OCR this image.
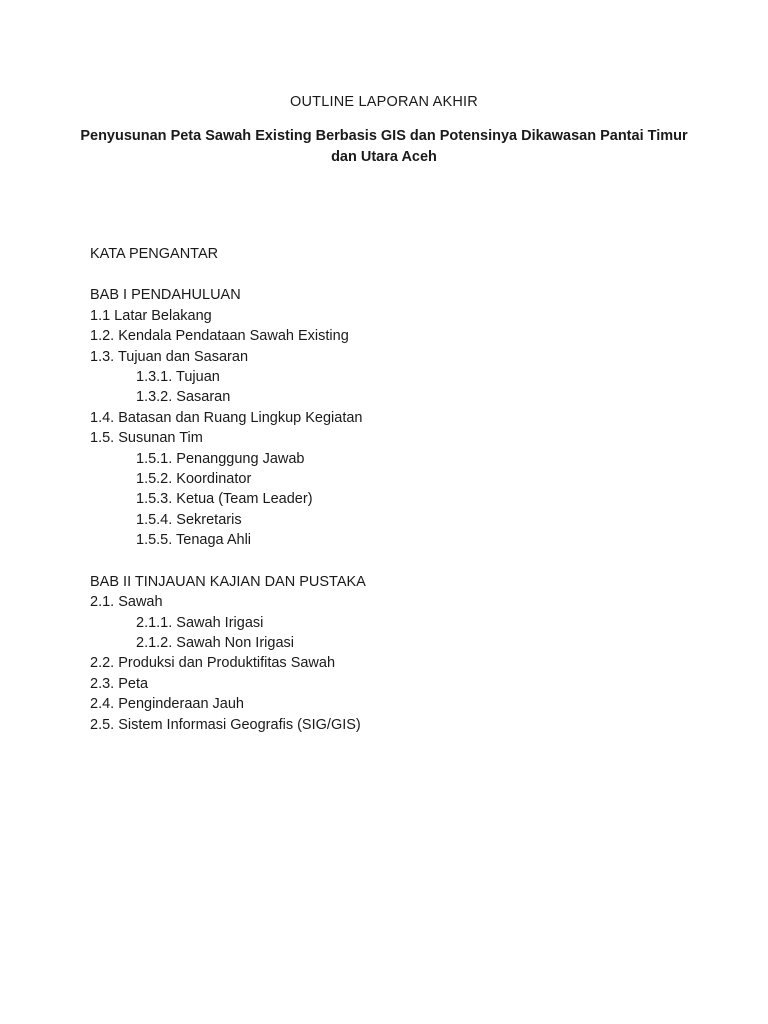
OUTLINE LAPORAN AKHIR
Penyusunan Peta Sawah Existing Berbasis GIS dan Potensinya Dikawasan Pantai Timur dan Utara Aceh
KATA PENGANTAR
BAB I PENDAHULUAN
1.1 Latar Belakang
1.2. Kendala Pendataan Sawah Existing
1.3. Tujuan dan Sasaran
1.3.1. Tujuan
1.3.2. Sasaran
1.4. Batasan dan Ruang Lingkup Kegiatan
1.5. Susunan Tim
1.5.1. Penanggung Jawab
1.5.2. Koordinator
1.5.3. Ketua (Team Leader)
1.5.4. Sekretaris
1.5.5. Tenaga Ahli
BAB II TINJAUAN KAJIAN DAN PUSTAKA
2.1. Sawah
2.1.1. Sawah Irigasi
2.1.2. Sawah Non Irigasi
2.2. Produksi dan Produktifitas Sawah
2.3. Peta
2.4. Penginderaan Jauh
2.5. Sistem Informasi Geografis (SIG/GIS)
